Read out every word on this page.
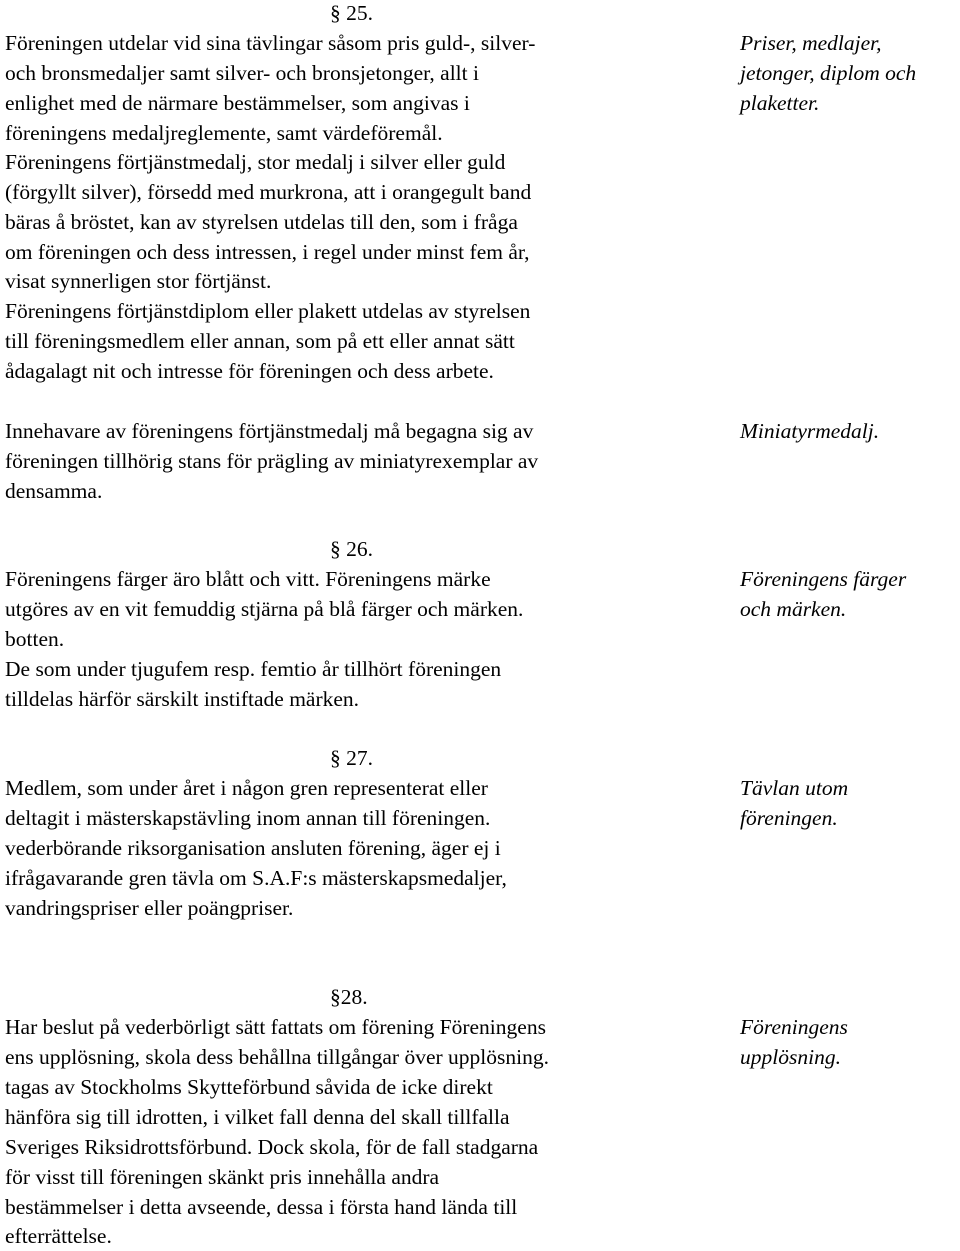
§ 25.

Föreningen utdelar vid sina tävlingar såsom pris guld-, silver-

och bronsmedaljer samt silver- och bronsjetonger, allt i

enlighet med de närmare bestämmelser, som angivas i

föreningens medaljreglemente, samt värdeföremål.

Föreningens förtjänstmedalj, stor medalj i silver eller guld

(förgyllt silver), försedd med murkrona, att i orangegult band

bäras å bröstet, kan av styrelsen utdelas till den, som i fråga

om föreningen och dess intressen, i regel under minst fem år,

visat synnerligen stor förtjänst.

Föreningens förtjänstdiplom eller plakett utdelas av styrelsen

till föreningsmedlem eller annan, som på ett eller annat sätt

ådagalagt nit och intresse för föreningen och dess arbete.

Priser, medlajer,

jetonger, diplom och

plaketter.

Innehavare av föreningens förtjänstmedalj må begagna sig av

föreningen tillhörig stans för prägling av miniatyrexemplar av

densamma.

Miniatyrmedalj.

§ 26.

Föreningens färger äro blått och vitt. Föreningens märke

utgöres av en vit femuddig stjärna på blå färger och märken.

botten.

De som under tjugufem resp. femtio år tillhört föreningen

tilldelas härför särskilt instiftade märken.

Föreningens färger

och märken.

§ 27.

Medlem, som under året i någon gren representerat eller

deltagit i mästerskapstävling inom annan till föreningen.

vederbörande riksorganisation ansluten förening, äger ej i

ifrågavarande gren tävla om S.A.F:s mästerskapsmedaljer,

vandringspriser eller poängpriser.

Tävlan utom

föreningen.

§28.

Har beslut på vederbörligt sätt fattats om förening Föreningens

ens upplösning, skola dess behållna tillgångar över upplösning.

tagas av Stockholms Skytteförbund såvida de icke direkt

hänföra sig till idrotten, i vilket fall denna del skall tillfalla

Sveriges Riksidrottsförbund. Dock skola, för de fall stadgarna

för visst till föreningen skänkt pris innehålla andra

bestämmelser i detta avseende, dessa i första hand lända till

efterrättelse.

Föreningens

upplösning.
